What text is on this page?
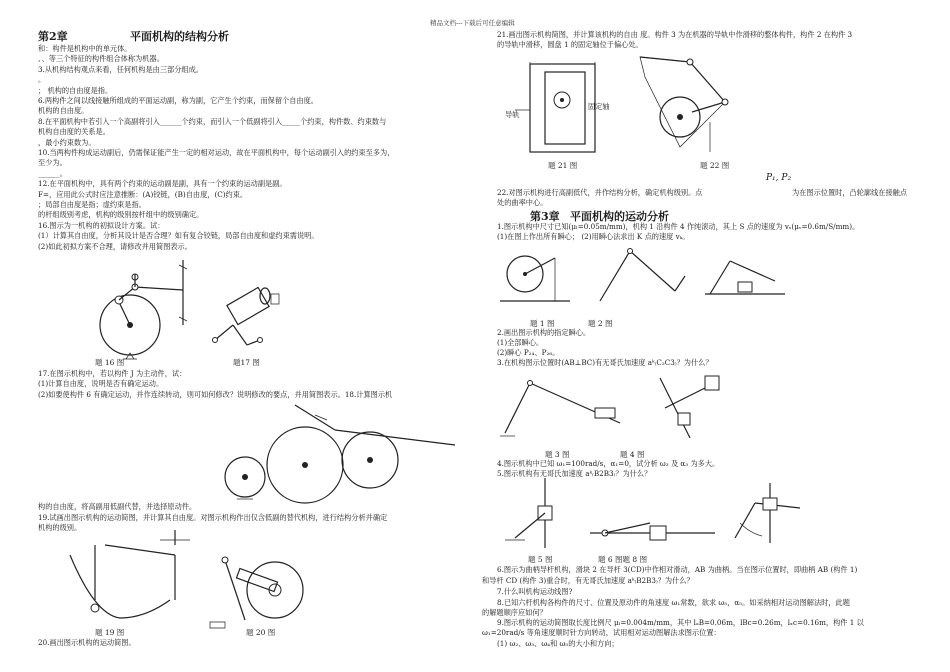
精品文档---下载后可任意编辑
第2章	平面机构的结构分析
和：构件是机构中的单元体。
、、等三个特征的构件组合体称为机器。
3.从机构结构观点来看，任何机构是由三部分组成。
。
； 机构的自由度是指。
6.两构件之间以线接触所组成的平面运动副，称为副，它产生个约束，而保留个自由度。
机构的自由度。
8.在平面机构中若引入一个高副将引入______个约束，而引入一个低副将引入_____个约束，构件数、约束数与
机构自由度的关系是。
，最小约束数为。
10.当两构件构成运动副后，仍需保证能产生一定的相对运动，故在平面机构中，每个运动副引入的约束至多为，
至少为。
______。
12.在平面机构中，具有两个约束的运动副是副，具有一个约束的运动副是副。
F=，应用此公式时应注意推断：(A)铰链，(B)自由度，(C)约束。
；局部自由度是指；虚约束是指。
的杆组级别考虑，机构的级别按杆组中的级别确定。
16.图示为一机构的初拟设计方案。试：
(1）计算其自由度，分析其设计是否合理？如有复合铰链，局部自由度和虚约束需说明。
(2)如此初拟方案不合理，请修改并用简图表示。
题 16 图	题17 图
17.在图示机构中，若以构件 J 为主动件，试：
(1)计算自由度，说明是否有确定运动。
(2)如要使构件 6 有确定运动，并作连续转动，则可如何修改？说明修改的要点，并用简图表示。18.计算图示机
构的自由度，将高副用低副代替，并选择原动件。
19.试画出图示机构的运动简图，并计算其自由度。对图示机构作出仅含低副的替代机构，进行结构分析并确定
机构的级别。
题 19 图	题 20 图
20.画出图示机构的运动简图。
21.画出图示机构简图，并计算该机构的自由 度。构件 3 为在机器的导轨中作滑移的整体构件，构件 2 在构件 3
的导轨中滑移，圆盘 1 的固定轴位于偏心处。
导轨
固定轴
题 21 图	题 22 图
P₁, P₂
22.对图示机构进行高副低代，并作结构分析，确定机构级别。点	为在图示位置时，凸轮廓线在接触点
处的曲率中心。
第3章 平面机构的运动分析
1.图示机构中尺寸已知(μₗ=0.05m/mm)，机构 1 沿构件 4 作纯滚动，其上 S 点的速度为 vₛ(μᵥ=0.6m/S/mm)。
(1)在图上作出所有瞬心； (2)用瞬心法求出 K 点的速度 vₖ。
题 1 图	题 2 图
2.画出图示机构的指定瞬心。
(1)全部瞬心。
(2)瞬心 P₂₄、P₂₆。
3.在机构图示位置时(AB⊥BC)有无哥氏加速度 aᵏ₍C₂C3₎？为什么？
题 3 图	题 4 图
4.图示机构中已知 ω₁=100rad/s，α₁=0，试分析 ω₃ 及 α₃ 为多大。
5.图示机构有无哥氏加速度 aᵏ₍B2B3₎？为什么？
题 5 图	题 6 图题 8 图
6.图示为曲柄导杆机构，滑块 2 在导杆 3(CD)中作相对滑动，AB 为曲柄。当在图示位置时，即曲柄 AB (构件 1)
和导杆 CD (构件 3)重合时，有无哥氏加速度 aᵏ₍B2B3₎？为什么？
7.什么叫机构运动线图?
8.已知六杆机构各构件的尺寸、位置及原动件的角速度 ω₁常数，欲求 ω₅，α₅。如采纳相对运动图解法时，此题
的解题顺序应如何？
9.图示机构的运动简图取长度比例尺 μₗ=0.004m/mm，其中 lₐB=0.06m，lBc=0.26m，lₓc=0.16m，构件 1 以
ω₁=20rad/s 等角速度顺时针方向转动，试用相对运动图解法求图示位置：
(1) ω₂、ω₃、ω₄和 ω₅的大小和方向；
